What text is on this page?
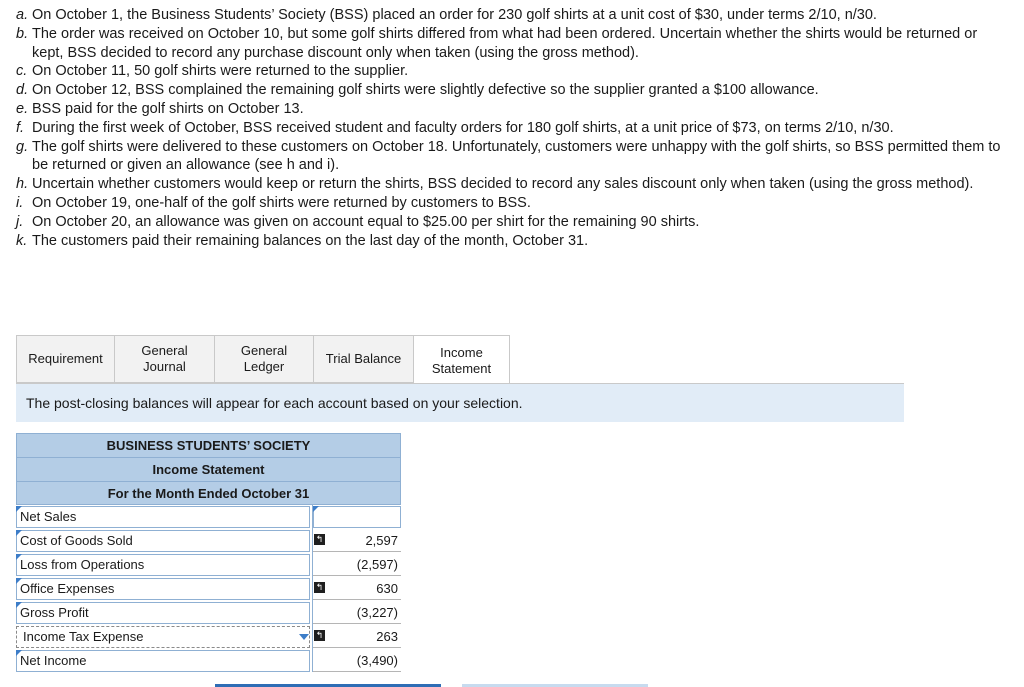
a. On October 1, the Business Students’ Society (BSS) placed an order for 230 golf shirts at a unit cost of $30, under terms 2/10, n/30.
b. The order was received on October 10, but some golf shirts differed from what had been ordered. Uncertain whether the shirts would be returned or kept, BSS decided to record any purchase discount only when taken (using the gross method).
c. On October 11, 50 golf shirts were returned to the supplier.
d. On October 12, BSS complained the remaining golf shirts were slightly defective so the supplier granted a $100 allowance.
e. BSS paid for the golf shirts on October 13.
f. During the first week of October, BSS received student and faculty orders for 180 golf shirts, at a unit price of $73, on terms 2/10, n/30.
g. The golf shirts were delivered to these customers on October 18. Unfortunately, customers were unhappy with the golf shirts, so BSS permitted them to be returned or given an allowance (see h and i).
h. Uncertain whether customers would keep or return the shirts, BSS decided to record any sales discount only when taken (using the gross method).
i. On October 19, one-half of the golf shirts were returned by customers to BSS.
j. On October 20, an allowance was given on account equal to $25.00 per shirt for the remaining 90 shirts.
k. The customers paid their remaining balances on the last day of the month, October 31.
Requirement
General Journal
General Ledger
Trial Balance	Income Statement
The post-closing balances will appear for each account based on your selection.
BUSINESS STUDENTS’ SOCIETY
Income Statement
For the Month Ended October 31
Net Sales
Cost of Goods Sold	↰	2,597
Loss from Operations	(2,597)
Office Expenses	↰	630
Gross Profit	(3,227)
Income Tax Expense	↰	263
Net Income	(3,490)
